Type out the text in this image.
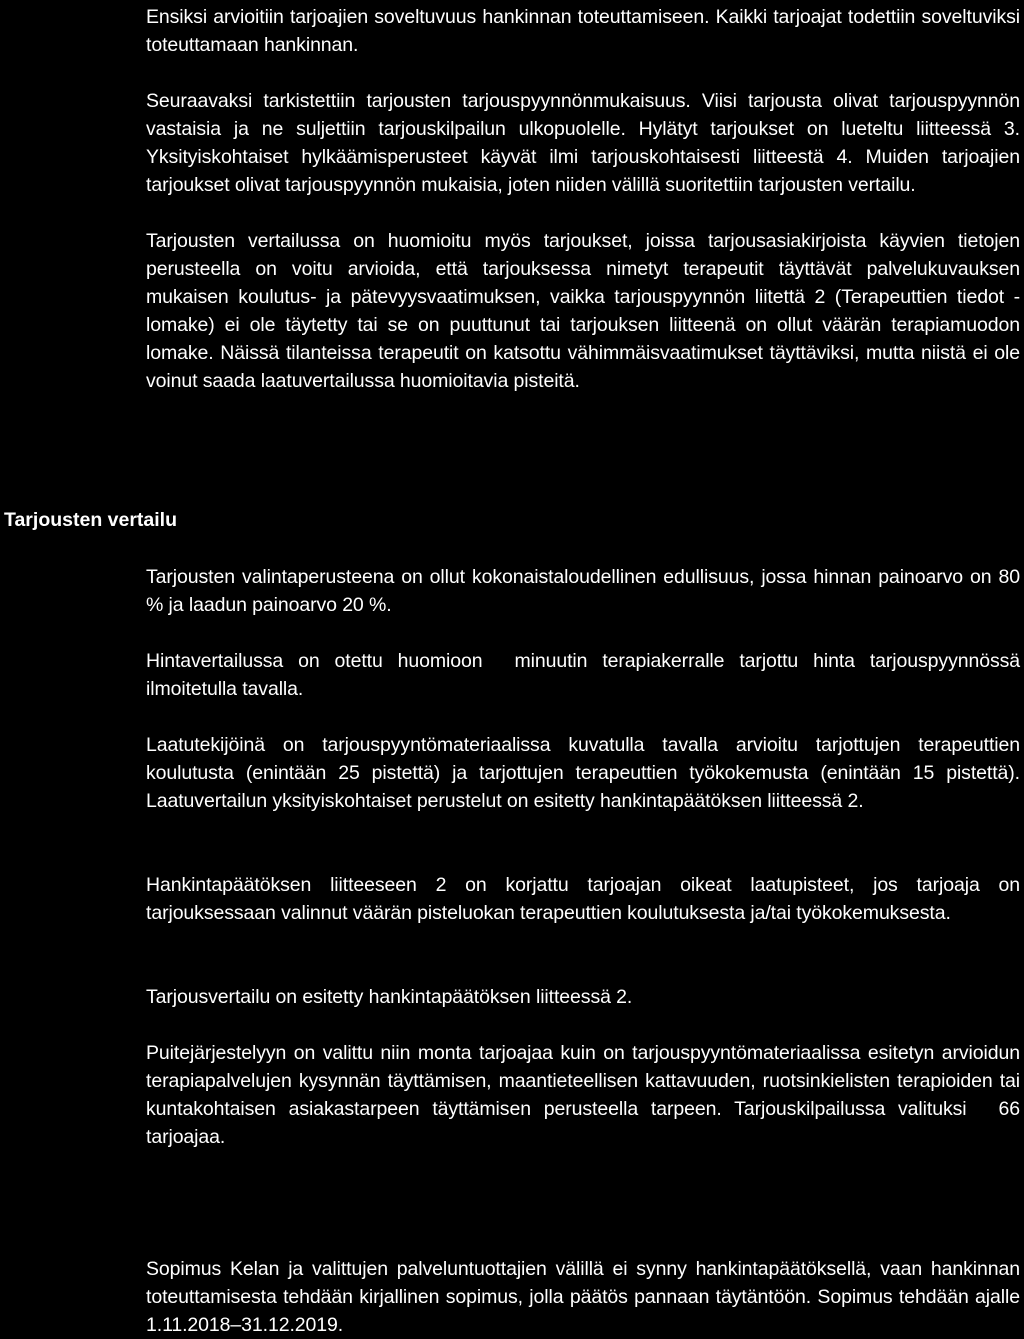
Ensiksi arvioitiin tarjoajien soveltuvuus hankinnan toteuttamiseen. Kaikki tarjoajat todettiin soveltuviksi toteuttamaan hankinnan.

Seuraavaksi tarkistettiin tarjousten tarjouspyynnönmukaisuus. Viisi tarjousta olivat tarjouspyynnön vastaisia ja ne suljettiin tarjouskilpailun ulkopuolelle. Hylätyt tarjoukset on lueteltu liitteessä 3. Yksityiskohtaiset hylkäämisperusteet käyvät ilmi tarjouskohtaisesti liitteestä 4. Muiden tarjoajien tarjoukset olivat tarjouspyynnön mukaisia, joten niiden välillä suoritettiin tarjousten vertailu.

Tarjousten vertailussa on huomioitu myös tarjoukset, joissa tarjousasiakirjoista käyvien tietojen perusteella on voitu arvioida, että tarjouksessa nimetyt terapeutit täyttävät palvelukuvauksen mukaisen koulutus- ja pätevyysvaatimuksen, vaikka tarjouspyynnön liitettä 2 (Terapeuttien tiedot -lomake) ei ole täytetty tai se on puuttunut tai tarjouksen liitteenä on ollut väärän terapiamuodon lomake. Näissä tilanteissa terapeutit on katsottu vähimmäisvaatimukset täyttäviksi, mutta niistä ei ole voinut saada laatuvertailussa huomioitavia pisteitä.

Tarjousten vertailu

Tarjousten valintaperusteena on ollut kokonaistaloudellinen edullisuus, jossa hinnan painoarvo on 80 % ja laadun painoarvo 20 %.

Hintavertailussa on otettu huomioon minuutin terapiakerralle tarjottu hinta tarjouspyynnössä ilmoitetulla tavalla.

Laatutekijöinä on tarjouspyyntömateriaalissa kuvatulla tavalla arvioitu tarjottujen terapeuttien koulutusta (enintään 25 pistettä) ja tarjottujen terapeuttien työkokemusta (enintään 15 pistettä). Laatuvertailun yksityiskohtaiset perustelut on esitetty hankintapäätöksen liitteessä 2.

Hankintapäätöksen liitteeseen 2 on korjattu tarjoajan oikeat laatupisteet, jos tarjoaja on tarjouksessaan valinnut väärän pisteluokan terapeuttien koulutuksesta ja/tai työkokemuksesta.

Tarjousvertailu on esitetty hankintapäätöksen liitteessä 2.

Puitejärjestelyyn on valittu niin monta tarjoajaa kuin on tarjouspyyntömateriaalissa esitetyn arvioidun terapiapalvelujen kysynnän täyttämisen, maantieteellisen kattavuuden, ruotsinkielisten terapioiden tai kuntakohtaisen asiakastarpeen täyttämisen perusteella tarpeen. Tarjouskilpailussa valituksi 66 tarjoajaa.

Sopimus Kelan ja valittujen palveluntuottajien välillä ei synny hankintapäätöksellä, vaan hankinnan toteuttamisesta tehdään kirjallinen sopimus, jolla päätös pannaan täytäntöön. Sopimus tehdään ajalle 1.11.2018–31.12.2019.
